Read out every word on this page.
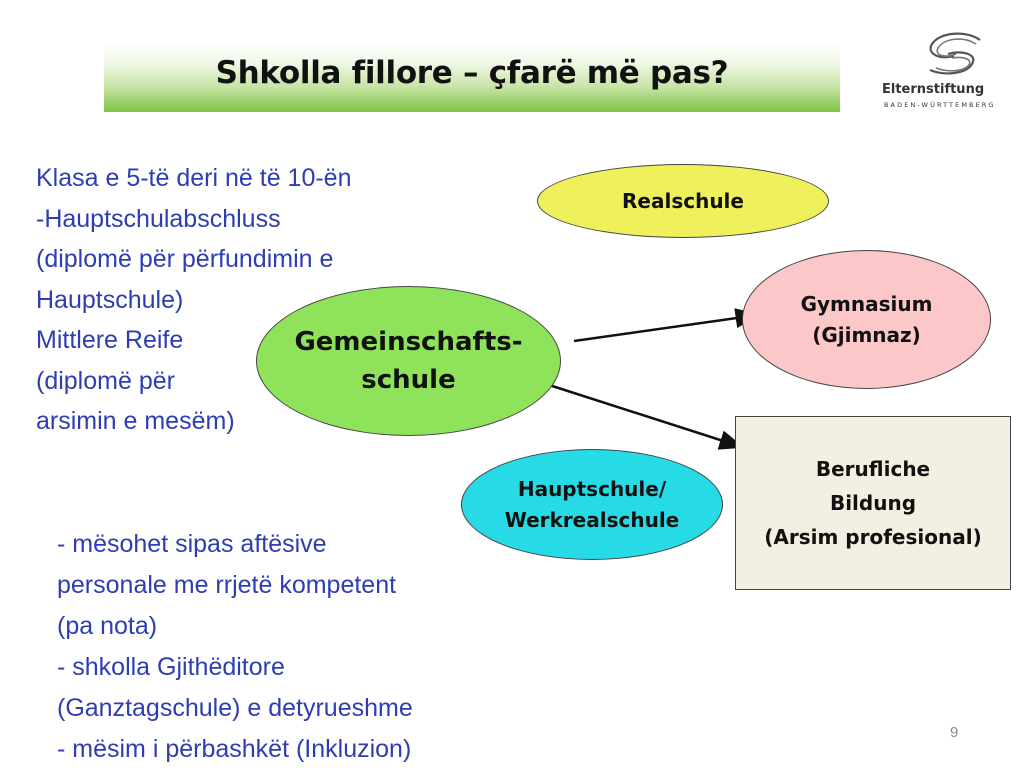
Shkolla fillore – çfarë më pas?	Elternstiftung
BADEN-WÜRTTEMBERG
Klasa e 5-të deri në të 10-ën
-Hauptschulabschluss
(diplomë për përfundimin e
Hauptschule)
Mittlere Reife
(diplomë për
arsimin e mesëm)
Realschule
Gymnasium
(Gjimnaz)
Gemeinschafts-
schule
Hauptschule/
Werkrealschule
Berufliche
Bildung
(Arsim profesional)
- mësohet sipas aftësive
personale me rrjetë kompetent
(pa nota)
- shkolla Gjithëditore
(Ganztagschule) e detyrueshme
- mësim i përbashkët (Inkluzion)
9
